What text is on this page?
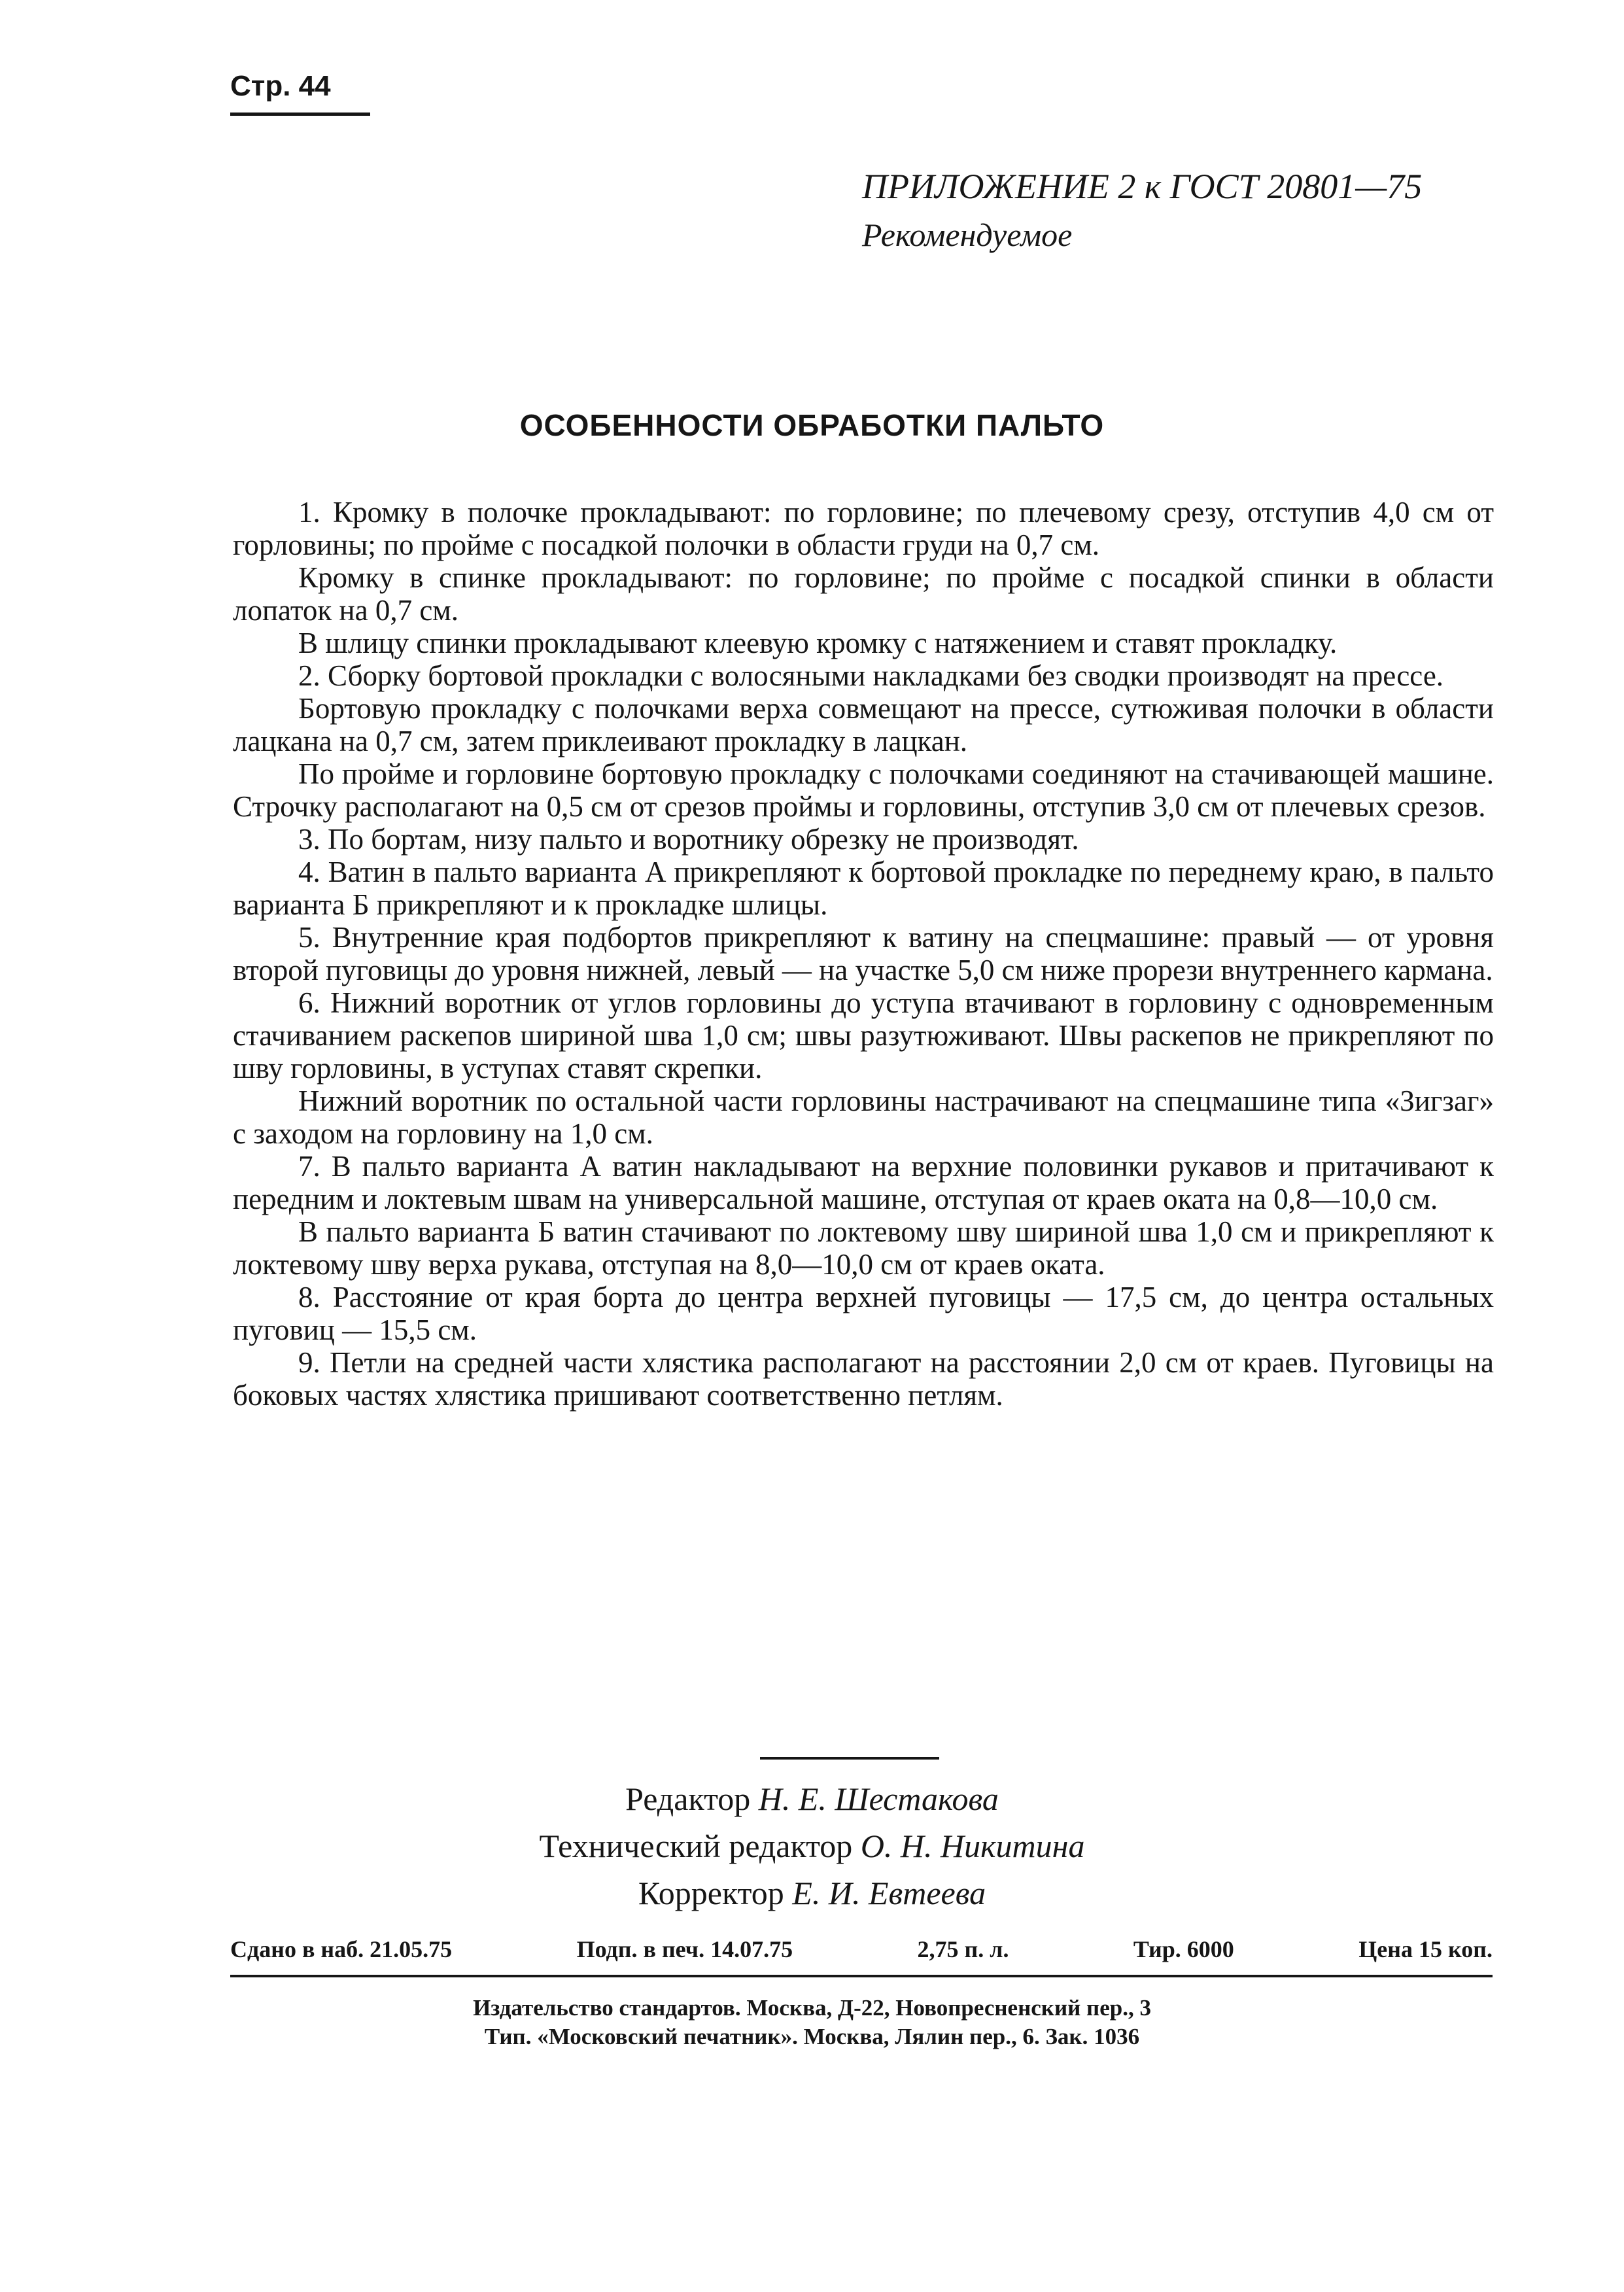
Стр. 44
ПРИЛОЖЕНИЕ 2 к ГОСТ 20801—75
Рекомендуемое
ОСОБЕННОСТИ ОБРАБОТКИ ПАЛЬТО

1. Кромку в полочке прокладывают: по горловине; по плечевому срезу, отступив 4,0 см от горловины; по пройме с посадкой полочки в области груди на 0,7 см.

Кромку в спинке прокладывают: по горловине; по пройме с посадкой спинки в области лопаток на 0,7 см.

В шлицу спинки прокладывают клеевую кромку с натяжением и ставят прокладку.

2. Сборку бортовой прокладки с волосяными накладками без сводки производят на прессе.

Бортовую прокладку с полочками верха совмещают на прессе, сутюживая полочки в области лацкана на 0,7 см, затем приклеивают прокладку в лацкан.

По пройме и горловине бортовую прокладку с полочками соединяют на стачивающей машине. Строчку располагают на 0,5 см от срезов проймы и горловины, отступив 3,0 см от плечевых срезов.

3. По бортам, низу пальто и воротнику обрезку не производят.

4. Ватин в пальто варианта А прикрепляют к бортовой прокладке по переднему краю, в пальто варианта Б прикрепляют и к прокладке шлицы.

5. Внутренние края подбортов прикрепляют к ватину на спецмашине: правый — от уровня второй пуговицы до уровня нижней, левый — на участке 5,0 см ниже прорези внутреннего кармана.

6. Нижний воротник от углов горловины до уступа втачивают в горловину с одновременным стачиванием раскепов шириной шва 1,0 см; швы разутюживают. Швы раскепов не прикрепляют по шву горловины, в уступах ставят скрепки.

Нижний воротник по остальной части горловины настрачивают на спецмашине типа «Зигзаг» с заходом на горловину на 1,0 см.

7. В пальто варианта А ватин накладывают на верхние половинки рукавов и притачивают к передним и локтевым швам на универсальной машине, отступая от краев оката на 0,8—10,0 см.

В пальто варианта Б ватин стачивают по локтевому шву шириной шва 1,0 см и прикрепляют к локтевому шву верха рукава, отступая на 8,0—10,0 см от краев оката.

8. Расстояние от края борта до центра верхней пуговицы — 17,5 см, до центра остальных пуговиц — 15,5 см.

9. Петли на средней части хлястика располагают на расстоянии 2,0 см от краев. Пуговицы на боковых частях хлястика пришивают соответственно петлям.

Редактор Н. Е. Шестакова
Технический редактор О. Н. Никитина
Корректор Е. И. Евтеева
Сдано в наб. 21.05.75	Подп. в печ. 14.07.75	2,75 п. л.	Тир. 6000	Цена 15 коп.
Издательство стандартов. Москва, Д-22, Новопресненский пер., 3
Тип. «Московский печатник». Москва, Лялин пер., 6. Зак. 1036
